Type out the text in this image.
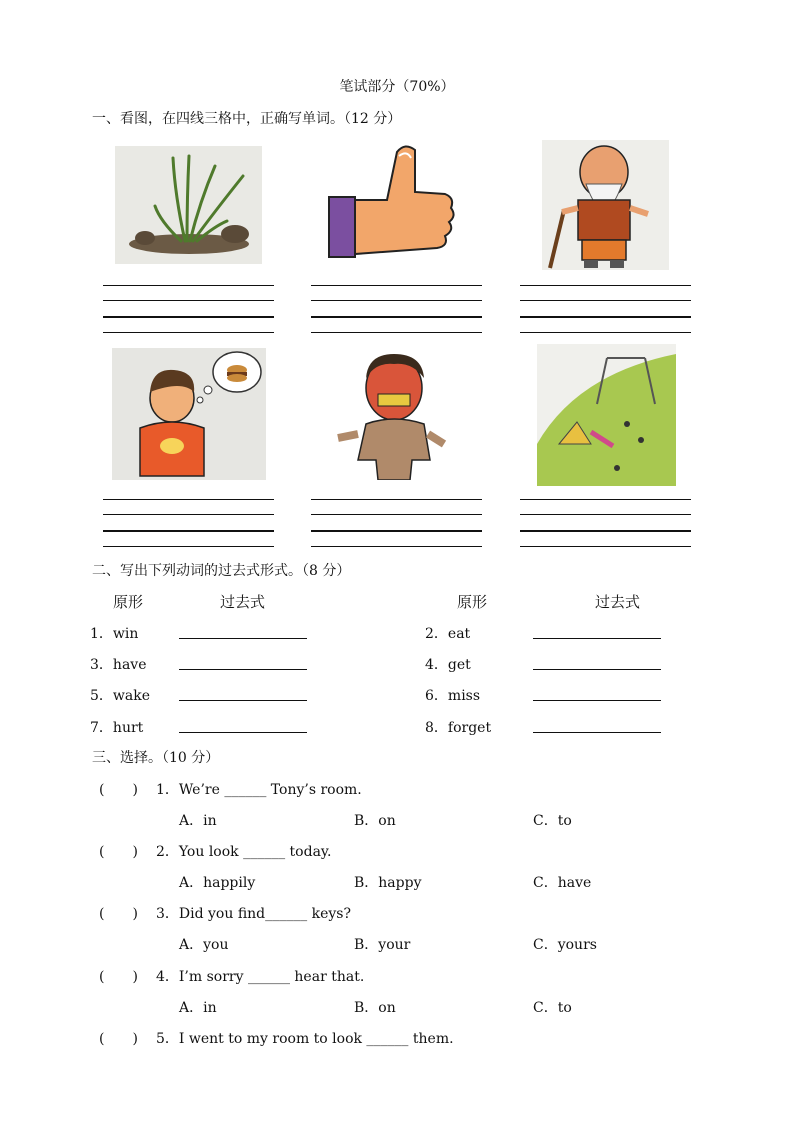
笔试部分（70%）
一、看图，在四线三格中，正确写单词。（12 分）
二、写出下列动词的过去式形式。（8 分）
原形	过去式	原形	过去式
1．win	2．eat
3．have	4．get
5．wake	6．miss
7．hurt	8．forget
三、选择。（10 分）
(　　) 1．We’re ______ Tony’s room.
A．in	B．on	C．to
(　　) 2．You look ______ today.
A．happily	B．happy	C．have
(　　) 3．Did you find______ keys?
A．you	B．your	C．yours
(　　) 4．I’m sorry ______ hear that.
A．in	B．on	C．to
(　　) 5．I went to my room to look ______ them.
